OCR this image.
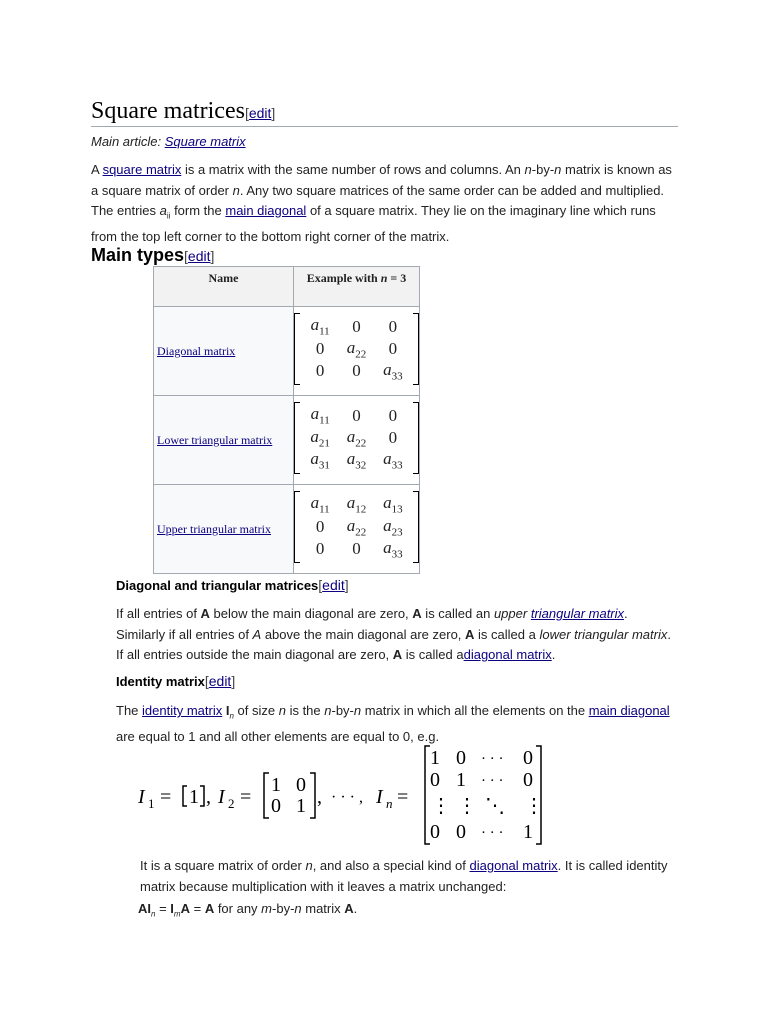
Square matrices[edit]
Main article: Square matrix
A square matrix is a matrix with the same number of rows and columns. An n-by-n matrix is known as a square matrix of order n. Any two square matrices of the same order can be added and multiplied. The entries $a_{ii}$ form the main diagonal of a square matrix. They lie on the imaginary line which runs from the top left corner to the bottom right corner of the matrix.
Main types[edit]
Name	Example with n = 3
Diagonal matrix	
$a_{11}$	0	0
0	$a_{22}$	0
0	0	$a_{33}$

Lower triangular matrix	
$a_{11}$	0	0
$a_{21}$	$a_{22}$	0
$a_{31}$	$a_{32}$	$a_{33}$

Upper triangular matrix	
$a_{11}$	$a_{12}$	$a_{13}$
0	$a_{22}$	$a_{23}$
0	0	$a_{33}$
Diagonal and triangular matrices[edit]
If all entries of A below the main diagonal are zero, A is called an upper triangular matrix. Similarly if all entries of A above the main diagonal are zero, A is called a lower triangular matrix. If all entries outside the main diagonal are zero, A is called adiagonal matrix.
Identity matrix[edit]
The identity matrix $I_n$ of size n is the n-by-n matrix in which all the elements on the main diagonal are equal to 1 and all other elements are equal to 0, e.g.
I 1 = 1 , I 2 =
1 0
0 1 , · · · , I n =
1 0 · · · 0
0 1 · · · 0
⋮ ⋮ ⋱ ⋮
0 0 · · · 1
It is a square matrix of order n, and also a special kind of diagonal matrix. It is called identity matrix because multiplication with it leaves a matrix unchanged:
$AI_n = I_mA = A$ for any m-by-n matrix A.
